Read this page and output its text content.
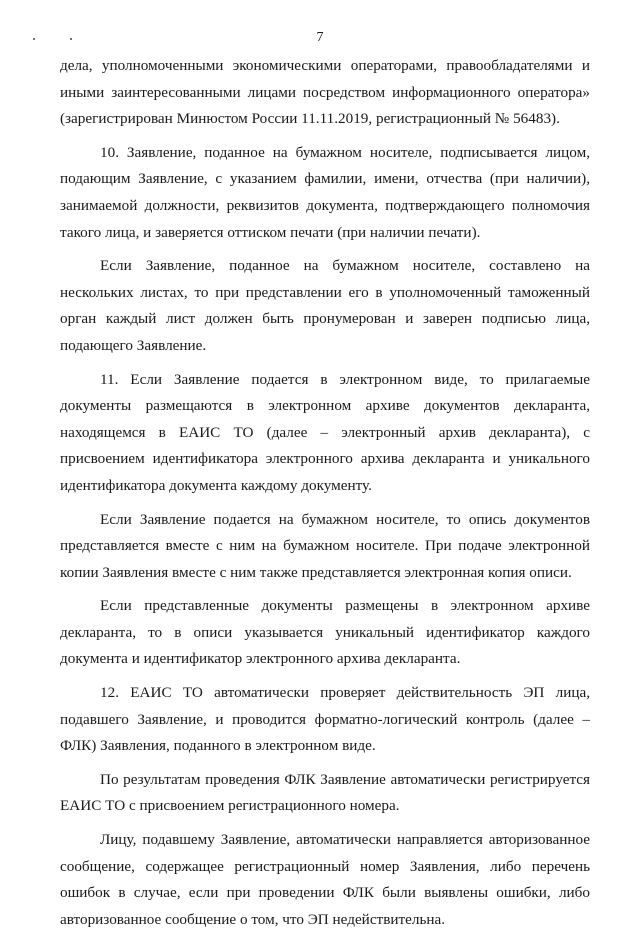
7

дела, уполномоченными экономическими операторами, правообладателями и иными заинтересованными лицами посредством информационного оператора» (зарегистрирован Минюстом России 11.11.2019, регистрационный № 56483).

10. Заявление, поданное на бумажном носителе, подписывается лицом, подающим Заявление, с указанием фамилии, имени, отчества (при наличии), занимаемой должности, реквизитов документа, подтверждающего полномочия такого лица, и заверяется оттиском печати (при наличии печати).

Если Заявление, поданное на бумажном носителе, составлено на нескольких листах, то при представлении его в уполномоченный таможенный орган каждый лист должен быть пронумерован и заверен подписью лица, подающего Заявление.

11. Если Заявление подается в электронном виде, то прилагаемые документы размещаются в электронном архиве документов декларанта, находящемся в ЕАИС ТО (далее – электронный архив декларанта), с присвоением идентификатора электронного архива декларанта и уникального идентификатора документа каждому документу.

Если Заявление подается на бумажном носителе, то опись документов представляется вместе с ним на бумажном носителе. При подаче электронной копии Заявления вместе с ним также представляется электронная копия описи.

Если представленные документы размещены в электронном архиве декларанта, то в описи указывается уникальный идентификатор каждого документа и идентификатор электронного архива декларанта.

12. ЕАИС ТО автоматически проверяет действительность ЭП лица, подавшего Заявление, и проводится форматно-логический контроль (далее – ФЛК) Заявления, поданного в электронном виде.

По результатам проведения ФЛК Заявление автоматически регистрируется ЕАИС ТО с присвоением регистрационного номера.

Лицу, подавшему Заявление, автоматически направляется авторизованное сообщение, содержащее регистрационный номер Заявления, либо перечень ошибок в случае, если при проведении ФЛК были выявлены ошибки, либо авторизованное сообщение о том, что ЭП недействительна.
